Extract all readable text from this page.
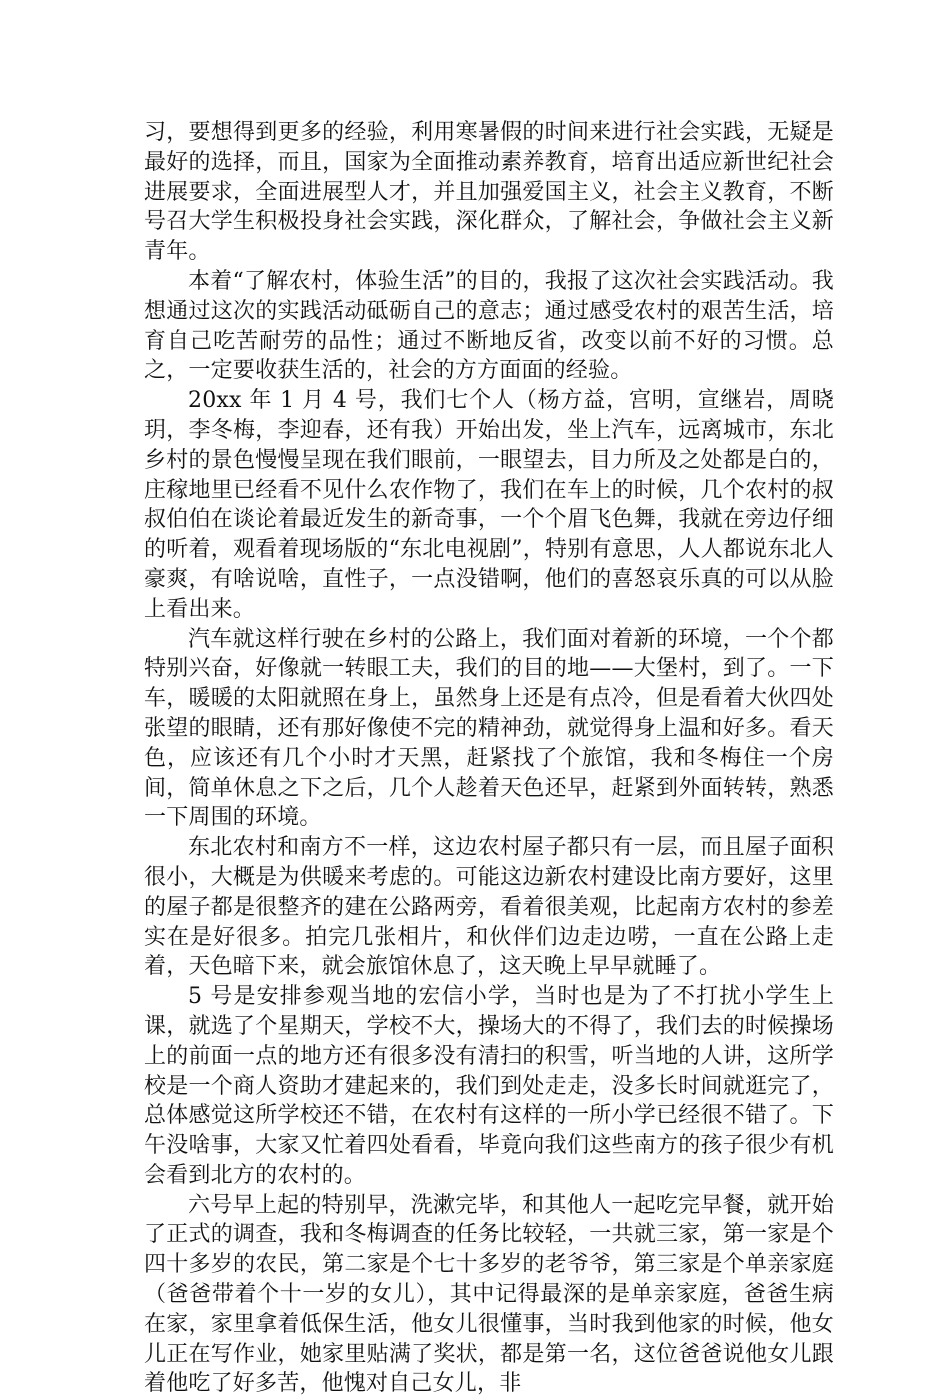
习，要想得到更多的经验，利用寒暑假的时间来进行社会实践，无疑是最好的选择，而且，国家为全面推动素养教育，培育出适应新世纪社会进展要求，全面进展型人才，并且加强爱国主义，社会主义教育，不断号召大学生积极投身社会实践，深化群众，了解社会，争做社会主义新青年。

本着“了解农村，体验生活”的目的，我报了这次社会实践活动。我想通过这次的实践活动砥砺自己的意志；通过感受农村的艰苦生活，培育自己吃苦耐劳的品性；通过不断地反省，改变以前不好的习惯。总之，一定要收获生活的，社会的方方面面的经验。

20xx 年 1 月 4 号，我们七个人（杨方益，宫明，宣继岩，周晓玥，李冬梅，李迎春，还有我）开始出发，坐上汽车，远离城市，东北乡村的景色慢慢呈现在我们眼前，一眼望去，目力所及之处都是白的，庄稼地里已经看不见什么农作物了，我们在车上的时候，几个农村的叔叔伯伯在谈论着最近发生的新奇事，一个个眉飞色舞，我就在旁边仔细的听着，观看着现场版的“东北电视剧”，特别有意思，人人都说东北人豪爽，有啥说啥，直性子，一点没错啊，他们的喜怒哀乐真的可以从脸上看出来。

汽车就这样行驶在乡村的公路上，我们面对着新的环境，一个个都特别兴奋，好像就一转眼工夫，我们的目的地——大堡村，到了。一下车，暖暖的太阳就照在身上，虽然身上还是有点冷，但是看着大伙四处张望的眼睛，还有那好像使不完的精神劲，就觉得身上温和好多。看天色，应该还有几个小时才天黑，赶紧找了个旅馆，我和冬梅住一个房间，简单休息之下之后，几个人趁着天色还早，赶紧到外面转转，熟悉一下周围的环境。

东北农村和南方不一样，这边农村屋子都只有一层，而且屋子面积很小，大概是为供暖来考虑的。可能这边新农村建设比南方要好，这里的屋子都是很整齐的建在公路两旁，看着很美观，比起南方农村的参差实在是好很多。拍完几张相片，和伙伴们边走边唠，一直在公路上走着，天色暗下来，就会旅馆休息了，这天晚上早早就睡了。

5 号是安排参观当地的宏信小学，当时也是为了不打扰小学生上课，就选了个星期天，学校不大，操场大的不得了，我们去的时候操场上的前面一点的地方还有很多没有清扫的积雪，听当地的人讲，这所学校是一个商人资助才建起来的，我们到处走走，没多长时间就逛完了，总体感觉这所学校还不错，在农村有这样的一所小学已经很不错了。下午没啥事，大家又忙着四处看看，毕竟向我们这些南方的孩子很少有机会看到北方的农村的。

六号早上起的特别早，洗漱完毕，和其他人一起吃完早餐，就开始了正式的调查，我和冬梅调查的任务比较轻，一共就三家，第一家是个四十多岁的农民，第二家是个七十多岁的老爷爷，第三家是个单亲家庭（爸爸带着个十一岁的女儿），其中记得最深的是单亲家庭，爸爸生病在家，家里拿着低保生活，他女儿很懂事，当时我到他家的时候，他女儿正在写作业，她家里贴满了奖状，都是第一名，这位爸爸说他女儿跟着他吃了好多苦，他愧对自己女儿，非
